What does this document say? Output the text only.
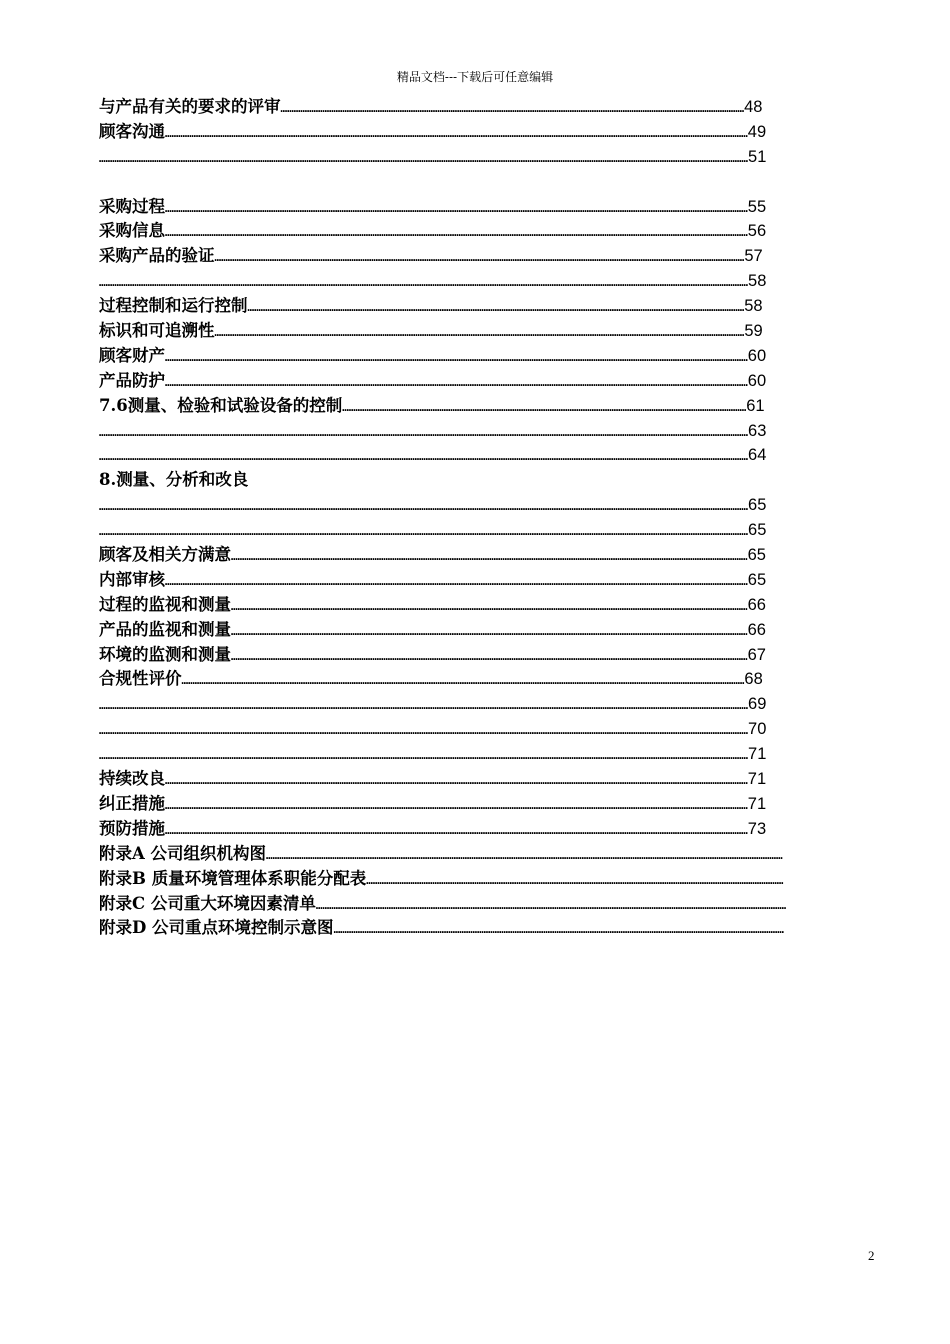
精品文档---下载后可任意编辑
与产品有关的要求的评审…………………………………………………………………………………………………………………………………………………………………………………………48
顾客沟通…………………………………………………………………………………………………………………………………………………………………………………………………………………………………………49
……………………………………………………………………………………………………………………………………………………………………………………………………………………………………………………………………51
采购过程…………………………………………………………………………………………………………………………………………………………………………………………………………………………………………55
采购信息…………………………………………………………………………………………………………………………………………………………………………………………………………………………………………56
采购产品的验证……………………………………………………………………………………………………………………………………………………………………………………………………………………57
……………………………………………………………………………………………………………………………………………………………………………………………………………………………………………………………………58
过程控制和运行控制………………………………………………………………………………………………………………………………………………………………………………………………………58
标识和可追溯性……………………………………………………………………………………………………………………………………………………………………………………………………………………59
顾客财产…………………………………………………………………………………………………………………………………………………………………………………………………………………………………………60
产品防护…………………………………………………………………………………………………………………………………………………………………………………………………………………………………………60
7.6测量、检验和试验设备的控制…………………………………………………………………………………………………………………………………………………………………61
……………………………………………………………………………………………………………………………………………………………………………………………………………………………………………………………………63
……………………………………………………………………………………………………………………………………………………………………………………………………………………………………………………………………64
8.测量、分析和改良
……………………………………………………………………………………………………………………………………………………………………………………………………………………………………………………………………65
……………………………………………………………………………………………………………………………………………………………………………………………………………………………………………………………………65
顾客及相关方满意………………………………………………………………………………………………………………………………………………………………………………………………………………65
内部审核…………………………………………………………………………………………………………………………………………………………………………………………………………………………………………65
过程的监视和测量………………………………………………………………………………………………………………………………………………………………………………………………………………66
产品的监视和测量………………………………………………………………………………………………………………………………………………………………………………………………………………66
环境的监测和测量………………………………………………………………………………………………………………………………………………………………………………………………………………67
合规性评价…………………………………………………………………………………………………………………………………………………………………………………………………………………………………68
……………………………………………………………………………………………………………………………………………………………………………………………………………………………………………………………………69
……………………………………………………………………………………………………………………………………………………………………………………………………………………………………………………………………70
……………………………………………………………………………………………………………………………………………………………………………………………………………………………………………………………………71
持续改良…………………………………………………………………………………………………………………………………………………………………………………………………………………………………………71
纠正措施…………………………………………………………………………………………………………………………………………………………………………………………………………………………………………71
预防措施…………………………………………………………………………………………………………………………………………………………………………………………………………………………………………73
附录A 公司组织机构图………………………………………………………………………………………………………………………………………………………………………………………………………………
附录B 质量环境管理体系职能分配表………………………………………………………………………………………………………………………………………………………………………
附录C 公司重大环境因素清单……………………………………………………………………………………………………………………………………………………………………………………………
附录D 公司重点环境控制示意图……………………………………………………………………………………………………………………………………………………………………………………
2
